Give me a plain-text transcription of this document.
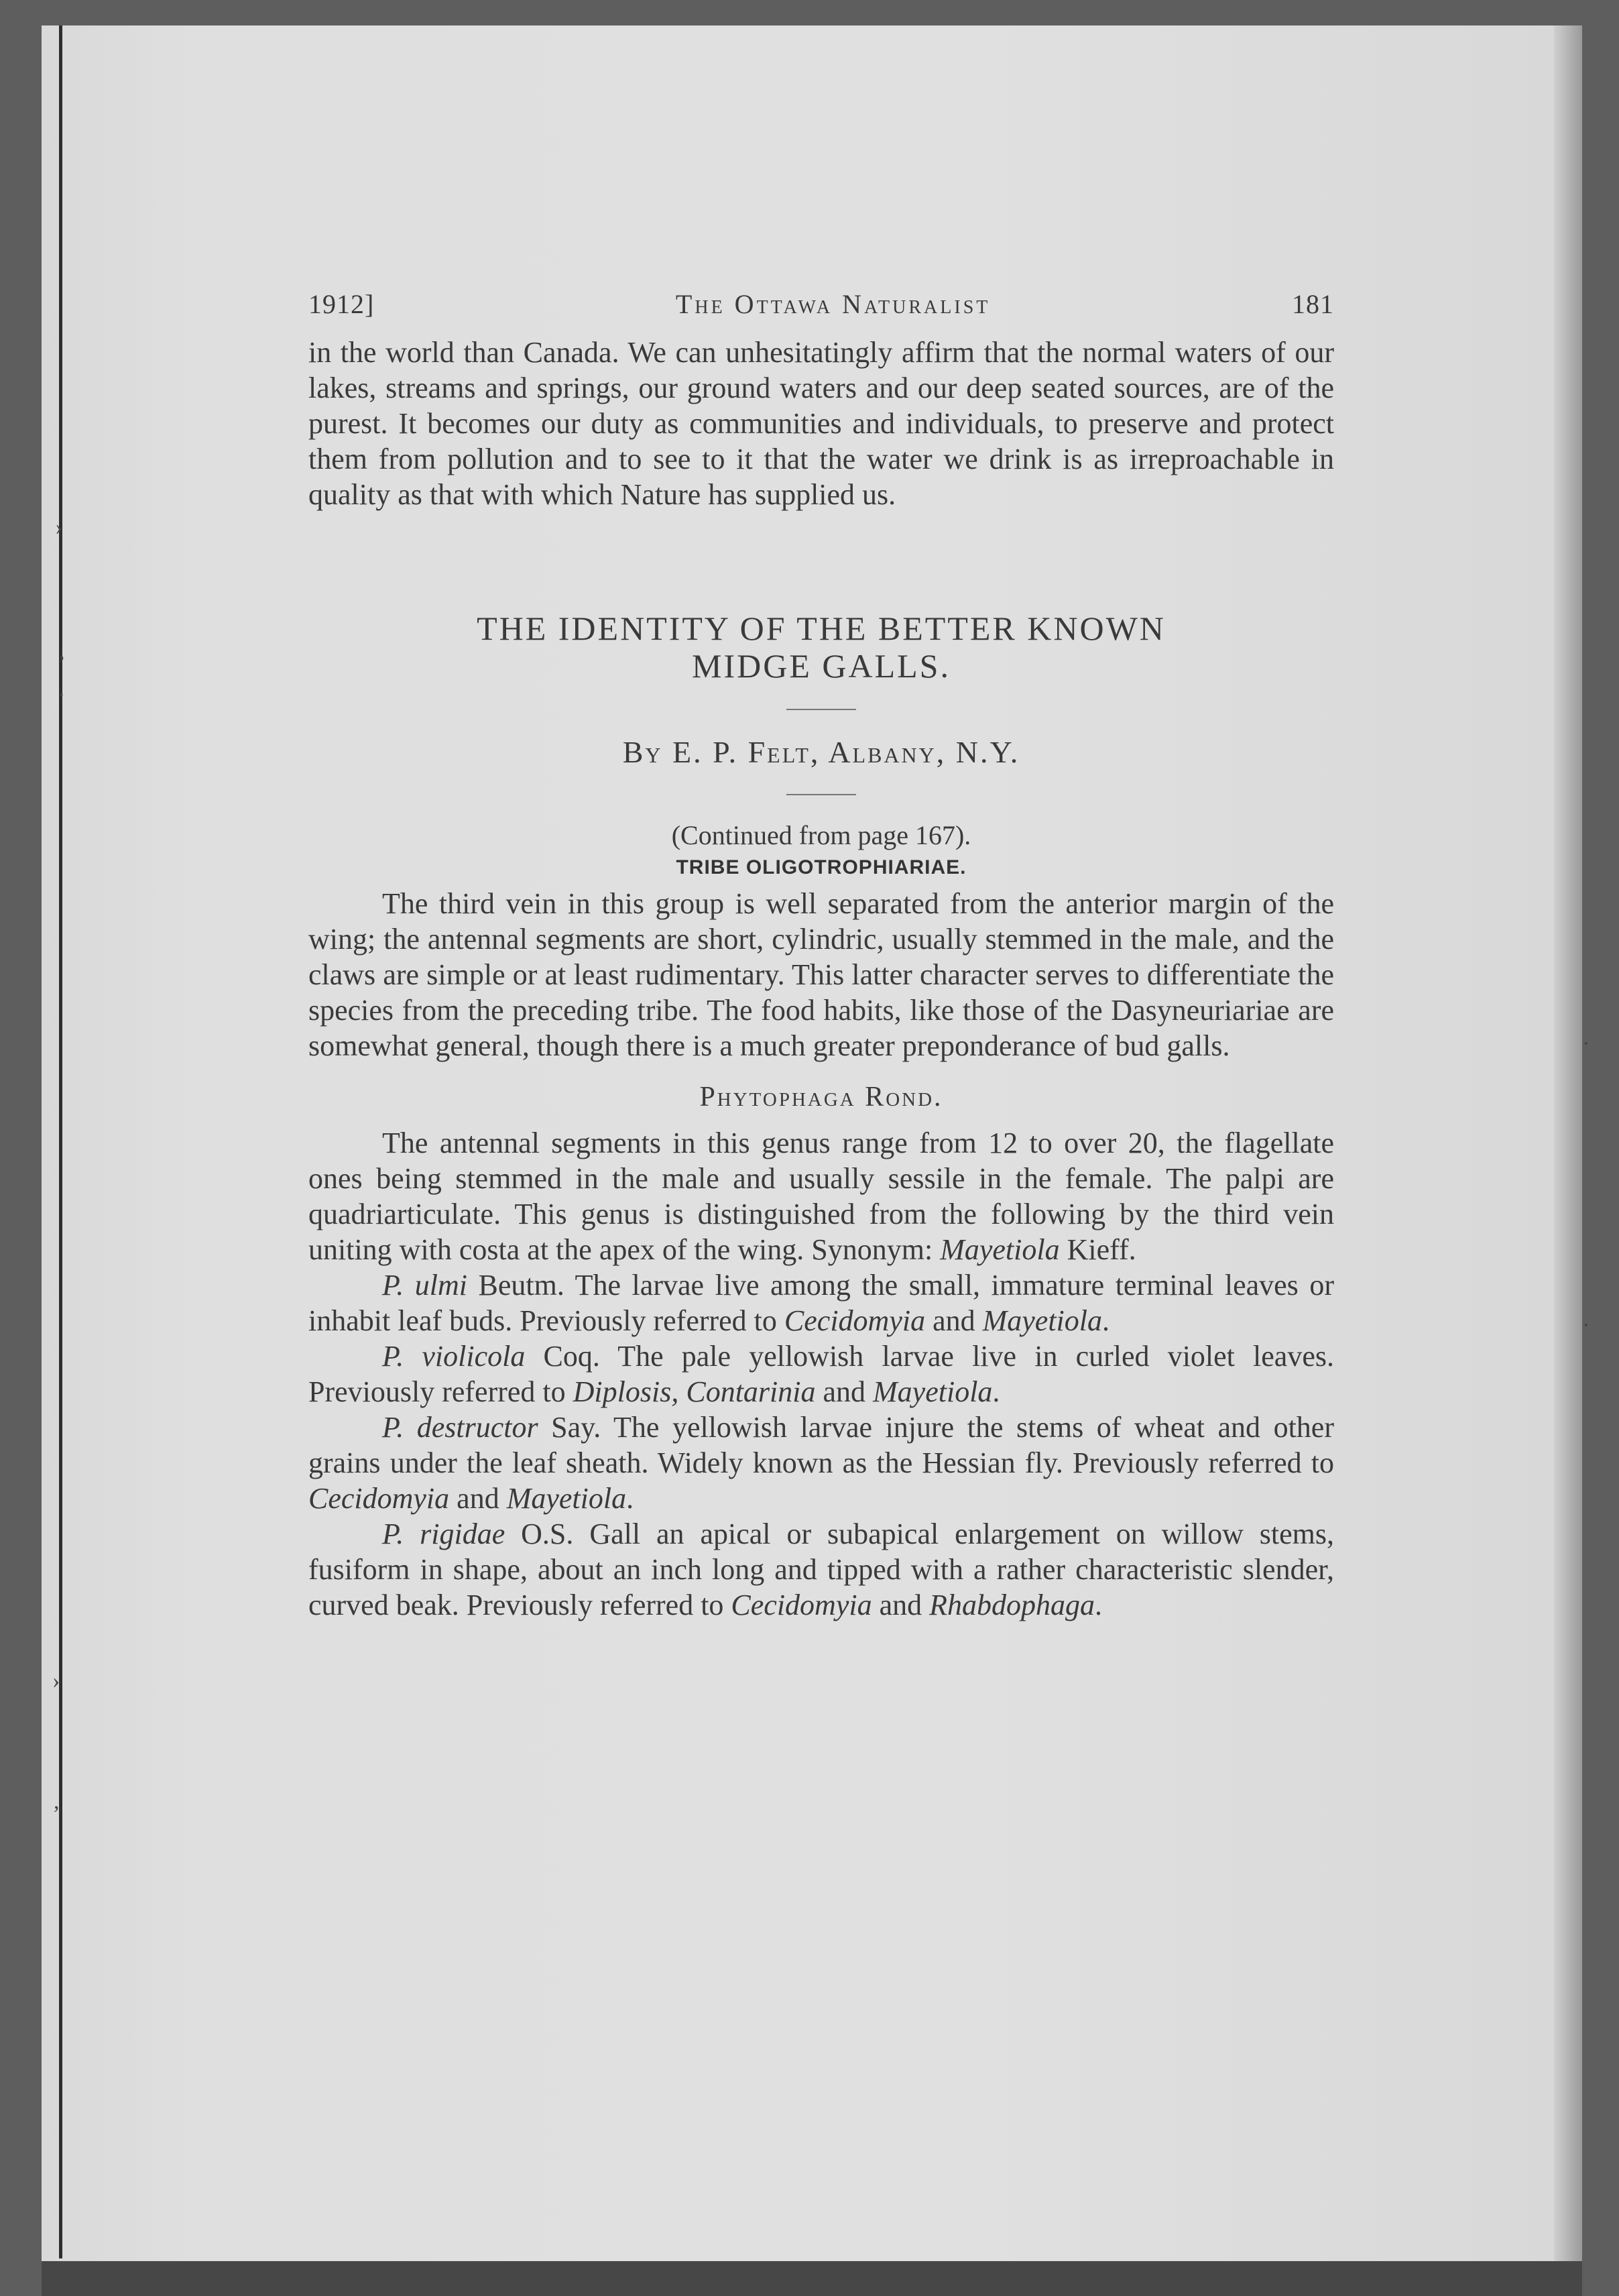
›
,
·
›
,
·
·
1912]	The Ottawa Naturalist	181

in the world than Canada. We can unhesitatingly affirm that the normal waters of our lakes, streams and springs, our ground waters and our deep seated sources, are of the purest. It becomes our duty as communities and individuals, to preserve and protect them from pollution and to see to it that the water we drink is as irreproachable in quality as that with which Nature has supplied us.

THE IDENTITY OF THE BETTER KNOWN
MIDGE GALLS.
By E. P. Felt, Albany, N.Y.
(Continued from page 167).
TRIBE OLIGOTROPHIARIAE.

The third vein in this group is well separated from the anterior margin of the wing; the antennal segments are short, cylindric, usually stemmed in the male, and the claws are simple or at least rudimentary. This latter character serves to differentiate the species from the preceding tribe. The food habits, like those of the Dasyneuriariae are somewhat general, though there is a much greater preponderance of bud galls.

Phytophaga Rond.

The antennal segments in this genus range from 12 to over 20, the flagellate ones being stemmed in the male and usually sessile in the female. The palpi are quadriarticulate. This genus is distinguished from the following by the third vein uniting with costa at the apex of the wing. Synonym: Mayetiola Kieff.

P. ulmi Beutm. The larvae live among the small, immature terminal leaves or inhabit leaf buds. Previously referred to Cecidomyia and Mayetiola.

P. violicola Coq. The pale yellowish larvae live in curled violet leaves. Previously referred to Diplosis, Contarinia and Mayetiola.

P. destructor Say. The yellowish larvae injure the stems of wheat and other grains under the leaf sheath. Widely known as the Hessian fly. Previously referred to Cecidomyia and Mayetiola.

P. rigidae O.S. Gall an apical or subapical enlargement on willow stems, fusiform in shape, about an inch long and tipped with a rather characteristic slender, curved beak. Previously referred to Cecidomyia and Rhabdophaga.
